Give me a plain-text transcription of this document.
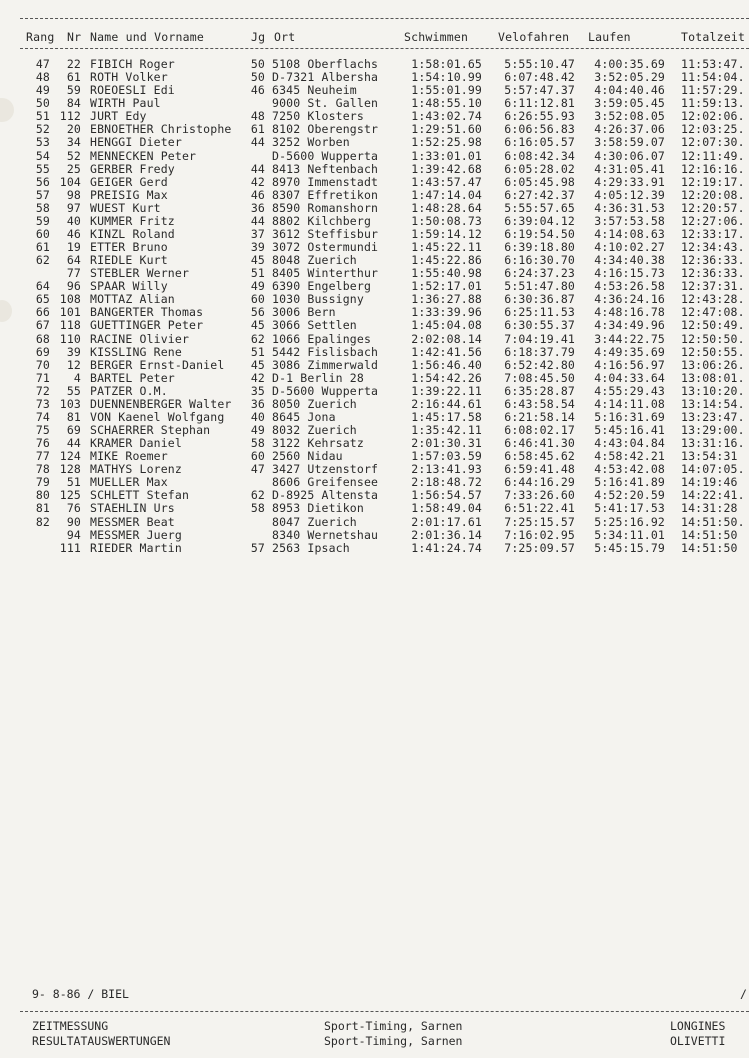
Rang Nr Name und Vorname	Jg Ort	Schwimmen	Velofahren Laufen	Totalzeit
47	22 FIBICH Roger	50 5108 Oberflachs	1:58:01.65	5:55:10.47	4:00:35.69 11:53:47.
48	61 ROTH Volker	50 D-7321 Albersha	1:54:10.99	6:07:48.42	3:52:05.29 11:54:04.
49	59 ROEOESLI Edi	46 6345 Neuheim	1:55:01.99	5:57:47.37	4:04:40.46 11:57:29.
50	84 WIRTH Paul	9000 St. Gallen	1:48:55.10	6:11:12.81	3:59:05.45 11:59:13.
51 112 JURT Edy	48 7250 Klosters	1:43:02.74	6:26:55.93	3:52:08.05 12:02:06.
52	20 EBNOETHER Christophe	61 8102 Oberengstr	1:29:51.60	6:06:56.83	4:26:37.06 12:03:25.
53	34 HENGGI Dieter	44 3252 Worben	1:52:25.98	6:16:05.57	3:58:59.07 12:07:30.
54	52 MENNECKEN Peter	D-5600 Wupperta	1:33:01.01	6:08:42.34	4:30:06.07 12:11:49.
55	25 GERBER Fredy	44 8413 Neftenbach	1:39:42.68	6:05:28.02	4:31:05.41 12:16:16.
56 104 GEIGER Gerd	42 8970 Immenstadt	1:43:57.47	6:05:45.98	4:29:33.91 12:19:17.
57	98 PREISIG Max	46 8307 Effretikon	1:47:14.04	6:27:42.37	4:05:12.39 12:20:08.
58	97 WUEST Kurt	36 8590 Romanshorn	1:48:28.64	5:55:57.65	4:36:31.53 12:20:57.
59	40 KUMMER Fritz	44 8802 Kilchberg	1:50:08.73	6:39:04.12	3:57:53.58 12:27:06.
60	46 KINZL Roland	37 3612 Steffisbur	1:59:14.12	6:19:54.50	4:14:08.63 12:33:17.
61	19 ETTER Bruno	39 3072 Ostermundi	1:45:22.11	6:39:18.80	4:10:02.27 12:34:43.
62	64 RIEDLE Kurt	45 8048 Zuerich	1:45:22.86	6:16:30.70	4:34:40.38 12:36:33.
77 STEBLER Werner	51 8405 Winterthur	1:55:40.98	6:24:37.23	4:16:15.73 12:36:33.
64	96 SPAAR Willy	49 6390 Engelberg	1:52:17.01	5:51:47.80	4:53:26.58 12:37:31.
65 108 MOTTAZ Alian	60 1030 Bussigny	1:36:27.88	6:30:36.87	4:36:24.16 12:43:28.
66 101 BANGERTER Thomas	56 3006 Bern	1:33:39.96	6:25:11.53	4:48:16.78 12:47:08.
67 118 GUETTINGER Peter	45 3066 Settlen	1:45:04.08	6:30:55.37	4:34:49.96 12:50:49.
68 110 RACINE Olivier	62 1066 Epalinges	2:02:08.14	7:04:19.41	3:44:22.75 12:50:50.
69	39 KISSLING Rene	51 5442 Fislisbach	1:42:41.56	6:18:37.79	4:49:35.69 12:50:55.
70	12 BERGER Ernst-Daniel	45 3086 Zimmerwald	1:56:46.40	6:52:42.80	4:16:56.97 13:06:26.
71	4 BARTEL Peter	42 D-1 Berlin 28	1:54:42.26	7:08:45.50	4:04:33.64 13:08:01.
72	55 PATZER O.M.	35 D-5600 Wupperta	1:39:22.11	6:35:28.87	4:55:29.43 13:10:20.
73 103 DUENNENBERGER Walter	36 8050 Zuerich	2:16:44.61	6:43:58.54	4:14:11.08 13:14:54.
74	81 VON Kaenel Wolfgang	40 8645 Jona	1:45:17.58	6:21:58.14	5:16:31.69 13:23:47.
75	69 SCHAERRER Stephan	49 8032 Zuerich	1:35:42.11	6:08:02.17	5:45:16.41 13:29:00.
76	44 KRAMER Daniel	58 3122 Kehrsatz	2:01:30.31	6:46:41.30	4:43:04.84 13:31:16.
77 124 MIKE Roemer	60 2560 Nidau	1:57:03.59	6:58:45.62	4:58:42.21 13:54:31
78 128 MATHYS Lorenz	47 3427 Utzenstorf	2:13:41.93	6:59:41.48	4:53:42.08 14:07:05.
79	51 MUELLER Max	8606 Greifensee	2:18:48.72	6:44:16.29	5:16:41.89 14:19:46
80 125 SCHLETT Stefan	62 D-8925 Altensta	1:56:54.57	7:33:26.60	4:52:20.59 14:22:41.
81	76 STAEHLIN Urs	58 8953 Dietikon	1:58:49.04	6:51:22.41	5:41:17.53 14:31:28
82	90 MESSMER Beat	8047 Zuerich	2:01:17.61	7:25:15.57	5:25:16.92 14:51:50.
94 MESSMER Juerg	8340 Wernetshau	2:01:36.14	7:16:02.95	5:34:11.01 14:51:50
111 RIEDER Martin	57 2563 Ipsach	1:41:24.74	7:25:09.57	5:45:15.79 14:51:50
9- 8-86 / BIEL	/
ZEITMESSUNG
RESULTATAUSWERTUNGEN
Sport-Timing, Sarnen
Sport-Timing, Sarnen
LONGINES
OLIVETTI
